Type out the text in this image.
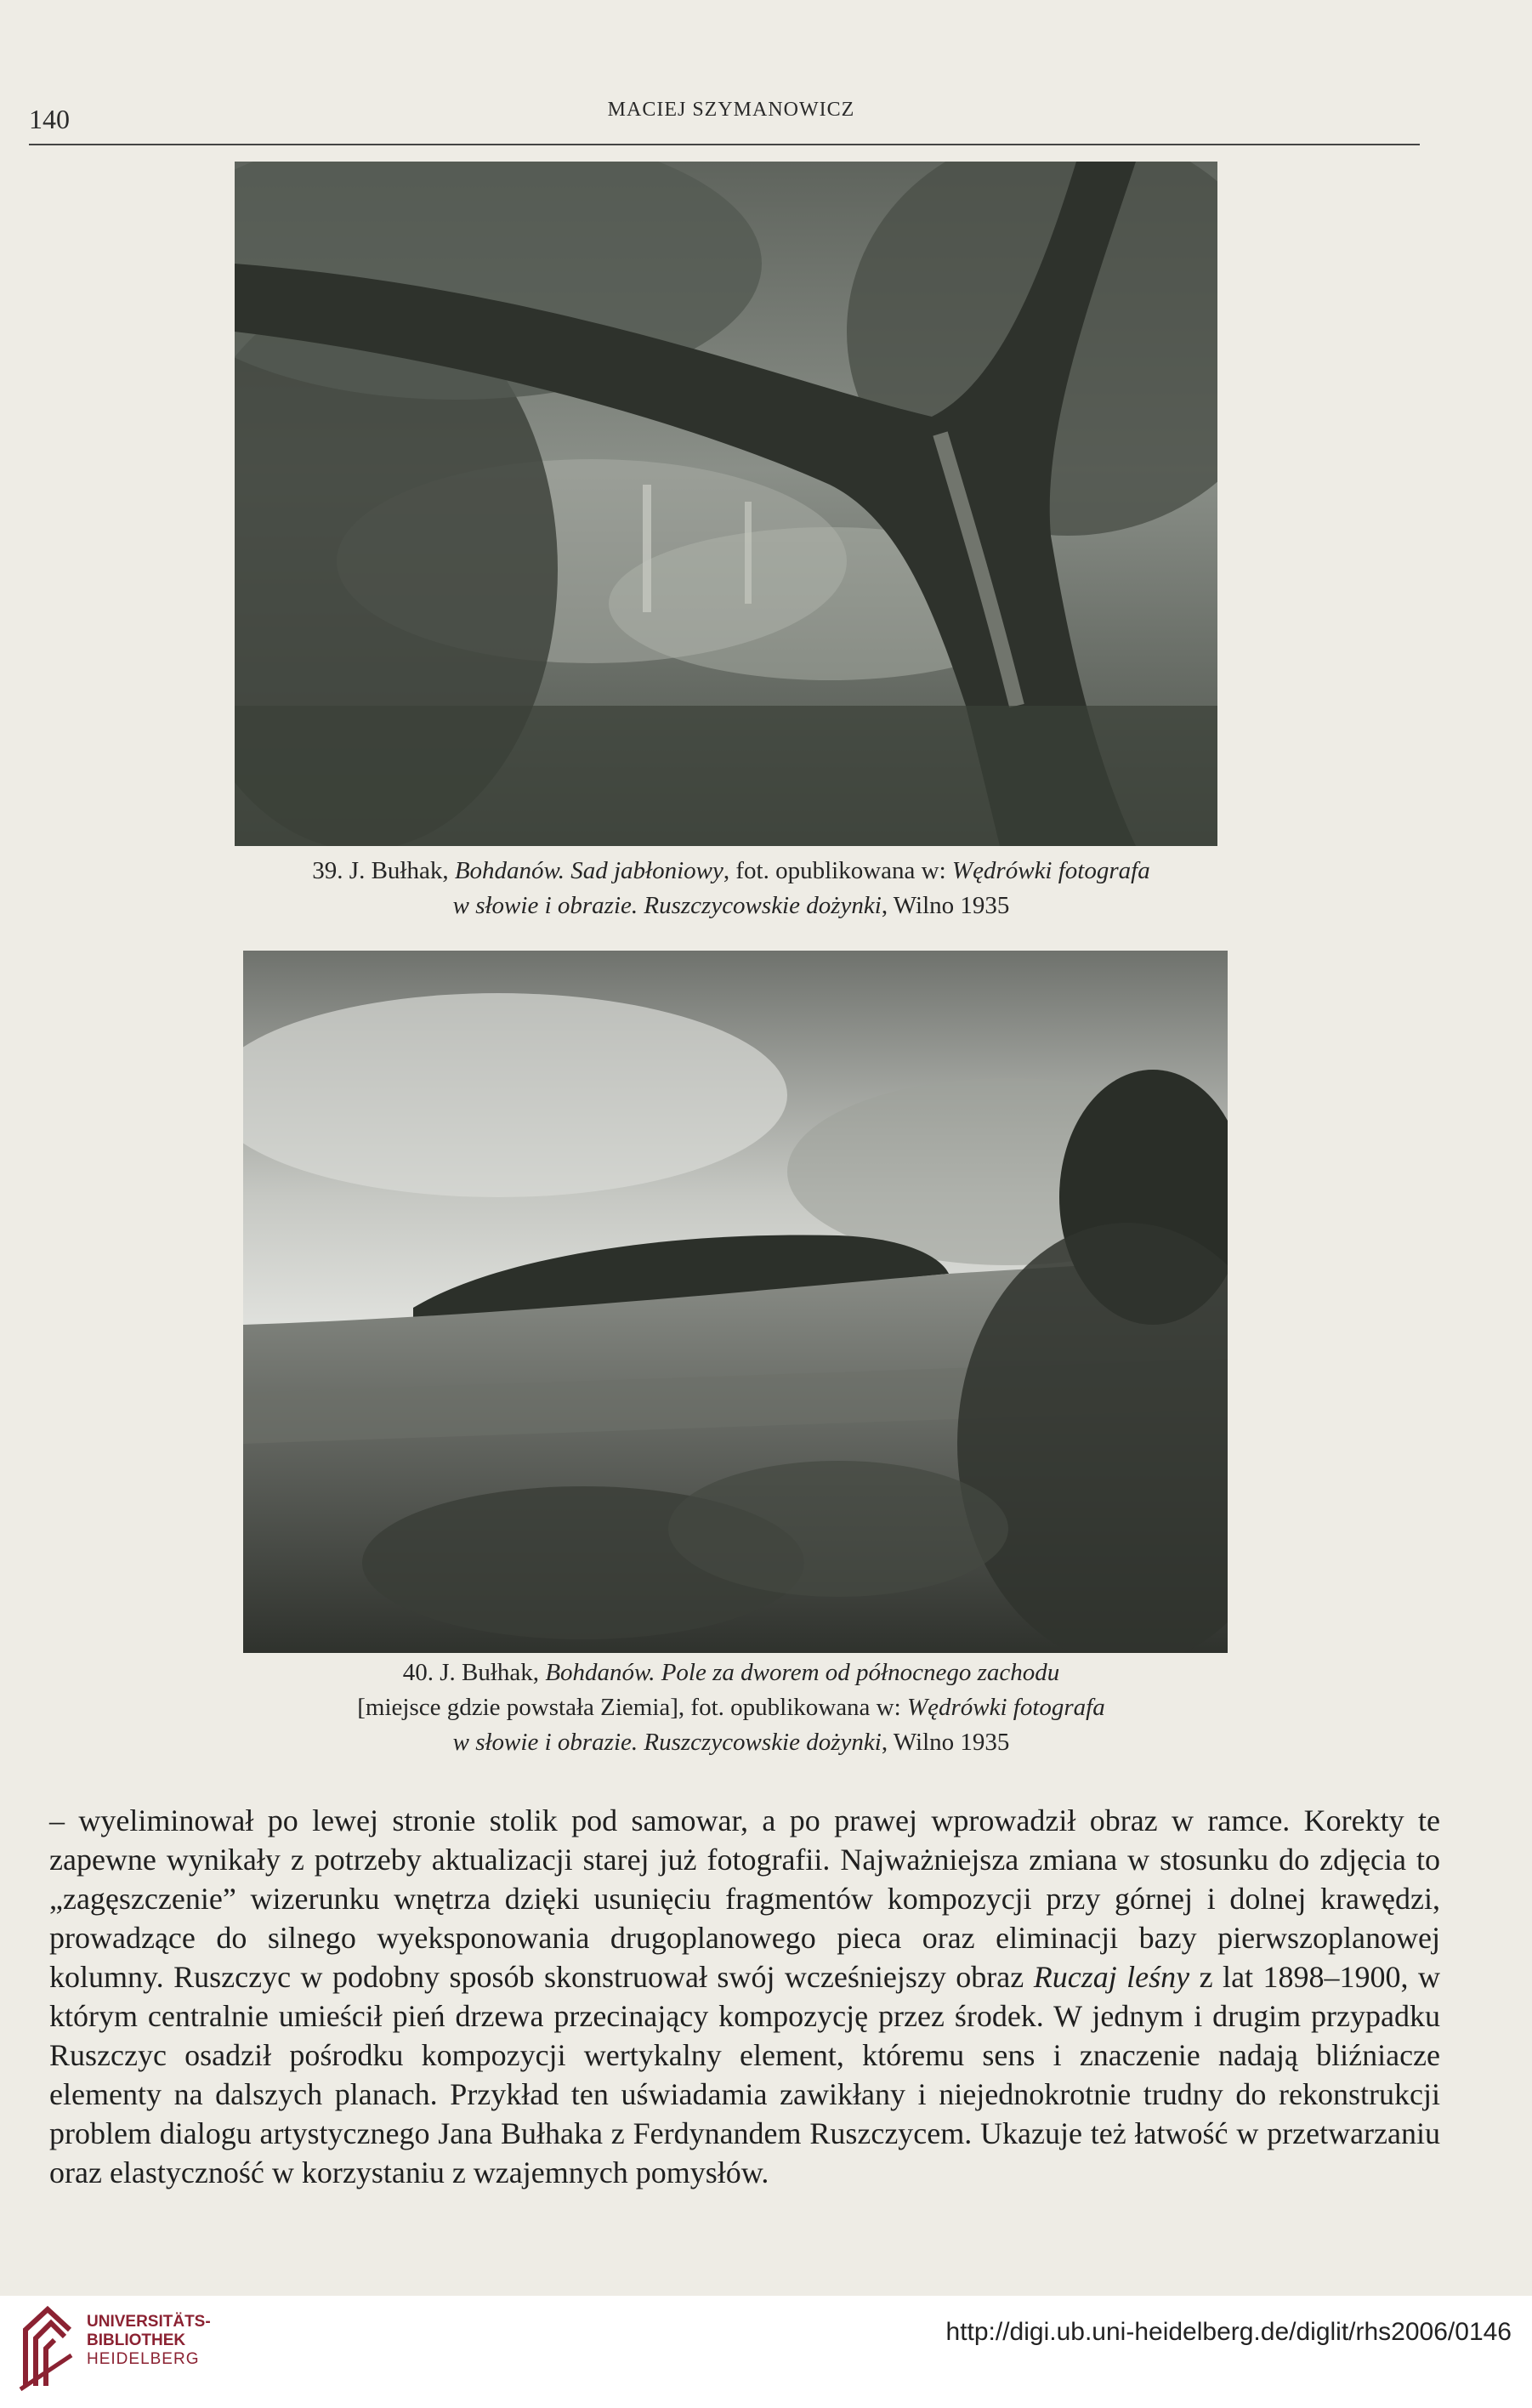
140	MACIEJ SZYMANOWICZ
39. J. Bułhak, Bohdanów. Sad jabłoniowy, fot. opublikowana w: Wędrówki fotografa
w słowie i obrazie. Ruszczycowskie dożynki, Wilno 1935
40. J. Bułhak, Bohdanów. Pole za dworem od północnego zachodu
[miejsce gdzie powstała Ziemia], fot. opublikowana w: Wędrówki fotografa
w słowie i obrazie. Ruszczycowskie dożynki, Wilno 1935

– wyeliminował po lewej stronie stolik pod samowar, a po prawej wprowadził obraz w ramce. Korekty te zapewne wynikały z potrzeby aktualizacji starej już fotografii. Najważniejsza zmiana w stosunku do zdjęcia to „zagęszczenie” wizerunku wnętrza dzięki usunięciu fragmentów kompozycji przy górnej i dolnej krawędzi, prowadzące do silnego wyeksponowania drugoplanowego pieca oraz eliminacji bazy pierwszoplanowej kolumny. Ruszczyc w podobny sposób skonstruował swój wcześniejszy obraz Ruczaj leśny z lat 1898–1900, w którym centralnie umieścił pień drzewa przecinający kompozycję przez środek. W jednym i drugim przypadku Ruszczyc osadził pośrodku kompozycji wertykalny element, któremu sens i znaczenie nadają bliźniacze elementy na dalszych planach. Przykład ten uświadamia zawikłany i niejednokrotnie trudny do rekonstrukcji problem dialogu artystycznego Jana Bułhaka z Ferdynandem Ruszczycem. Ukazuje też łatwość w przetwarzaniu oraz elastyczność w korzystaniu z wzajemnych pomysłów.

UNIVERSITÄTS-
BIBLIOTHEK
HEIDELBERG
http://digi.ub.uni-heidelberg.de/diglit/rhs2006/0146
